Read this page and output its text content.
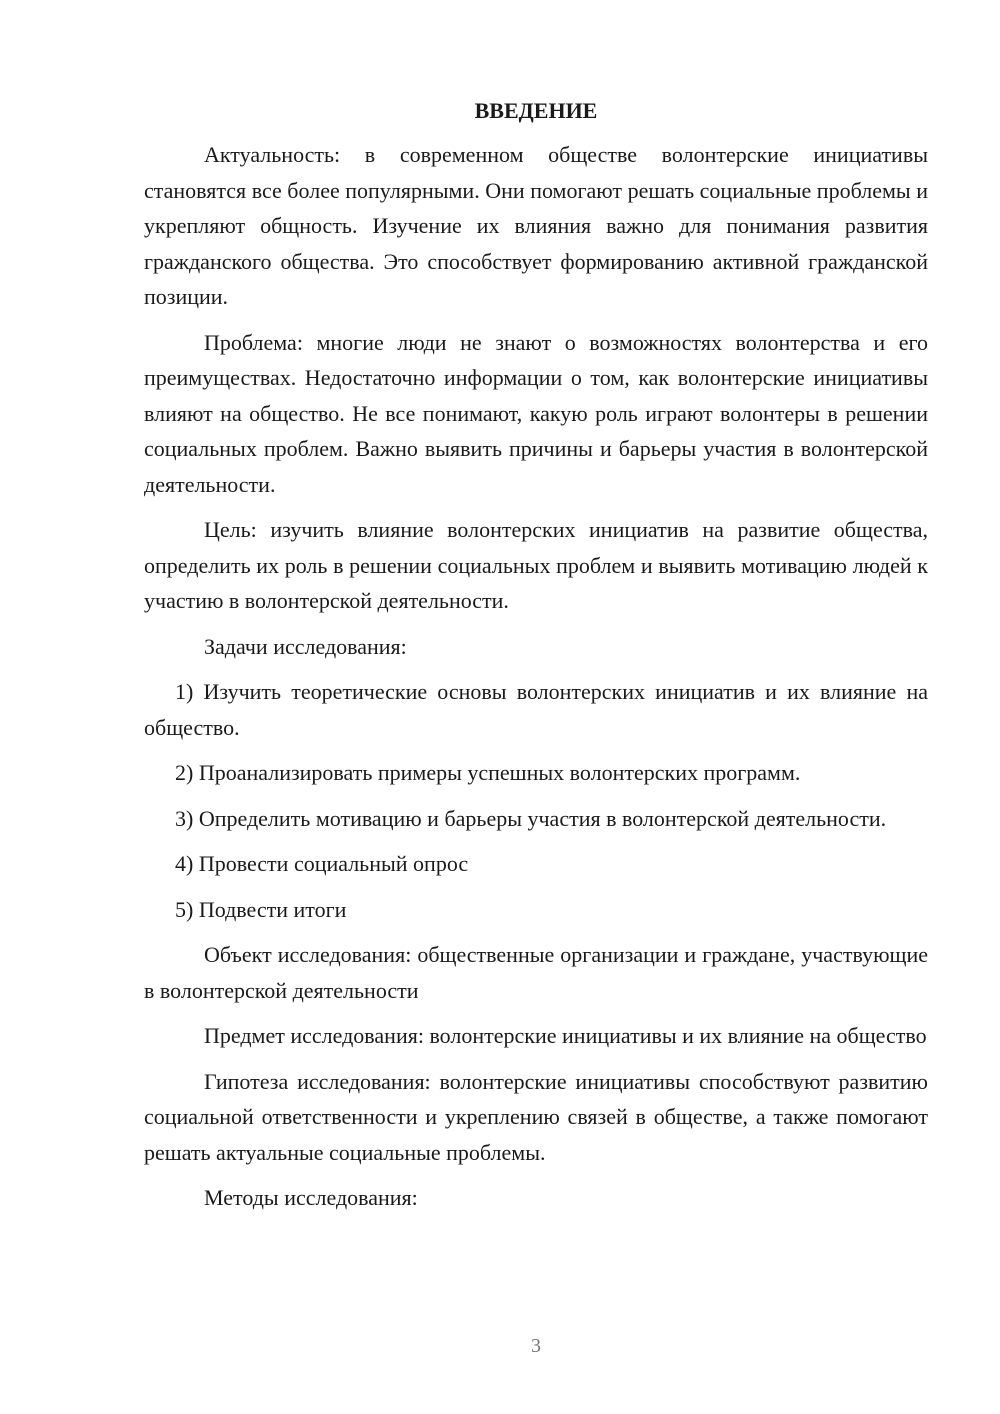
ВВЕДЕНИЕ

Актуальность: в современном обществе волонтерские инициативы становятся все более популярными. Они помогают решать социальные проблемы и укрепляют общность. Изучение их влияния важно для понимания развития гражданского общества. Это способствует формированию активной гражданской позиции.

Проблема: многие люди не знают о возможностях волонтерства и его преимуществах. Недостаточно информации о том, как волонтерские инициативы влияют на общество. Не все понимают, какую роль играют волонтеры в решении социальных проблем. Важно выявить причины и барьеры участия в волонтерской деятельности.

Цель: изучить влияние волонтерских инициатив на развитие общества, определить их роль в решении социальных проблем и выявить мотивацию людей к участию в волонтерской деятельности.

Задачи исследования:

1) Изучить теоретические основы волонтерских инициатив и их влияние на общество.

2) Проанализировать примеры успешных волонтерских программ.

3) Определить мотивацию и барьеры участия в волонтерской деятельности.

4) Провести социальный опрос

5) Подвести итоги

Объект исследования: общественные организации и граждане, участвующие в волонтерской деятельности

Предмет исследования: волонтерские инициативы и их влияние на общество

Гипотеза исследования: волонтерские инициативы способствуют развитию социальной ответственности и укреплению связей в обществе, а также помогают решать актуальные социальные проблемы.

Методы исследования:

3
